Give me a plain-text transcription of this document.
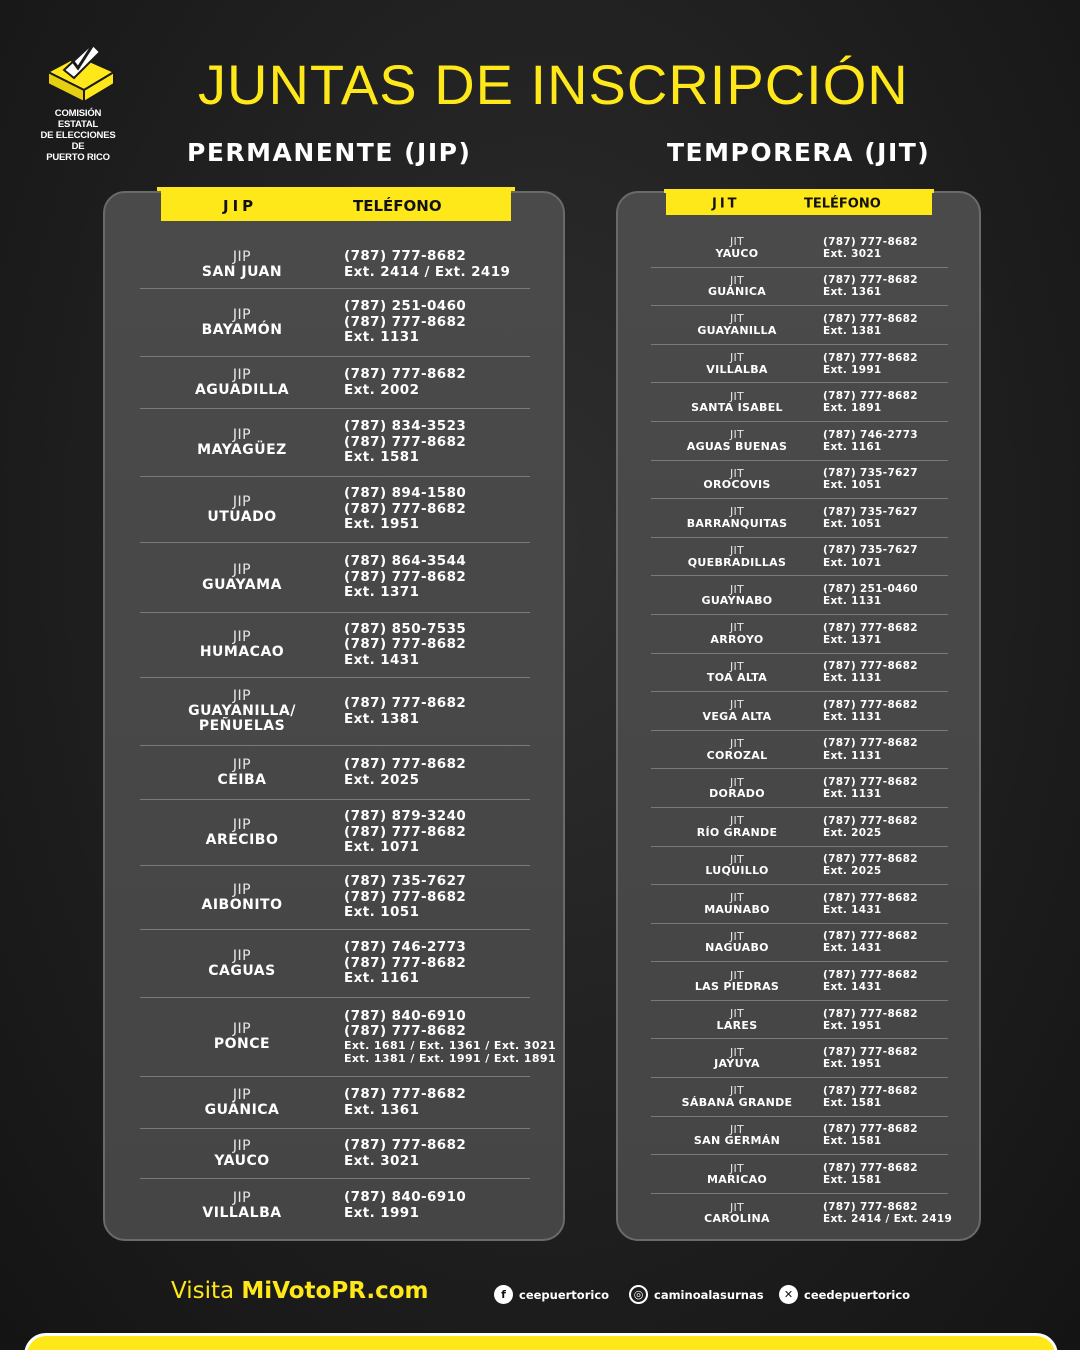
COMISIÓN ESTATAL
DE ELECCIONES DE
PUERTO RICO
JUNTAS DE INSCRIPCIÓN
PERMANENTE (JIP)	TEMPORERA (JIT)
JIP	TELÉFONO
JIP
SAN JUAN
(787) 777-8682
Ext. 2414 / Ext. 2419
JIP
BAYAMÓN
(787) 251-0460
(787) 777-8682
Ext. 1131
JIP
AGUADILLA
(787) 777-8682
Ext. 2002
JIP
MAYAGÜEZ
(787) 834-3523
(787) 777-8682
Ext. 1581
JIP
UTUADO
(787) 894-1580
(787) 777-8682
Ext. 1951
JIP
GUAYAMA
(787) 864-3544
(787) 777-8682
Ext. 1371
JIP
HUMACAO
(787) 850-7535
(787) 777-8682
Ext. 1431
JIP
GUAYANILLA/
PEÑUELAS
(787) 777-8682
Ext. 1381
JIP
CEIBA
(787) 777-8682
Ext. 2025
JIP
ARECIBO
(787) 879-3240
(787) 777-8682
Ext. 1071
JIP
AIBONITO
(787) 735-7627
(787) 777-8682
Ext. 1051
JIP
CAGUAS
(787) 746-2773
(787) 777-8682
Ext. 1161
JIP
PONCE
(787) 840-6910
(787) 777-8682
Ext. 1681 / Ext. 1361 / Ext. 3021
Ext. 1381 / Ext. 1991 / Ext. 1891
JIP
GUÁNICA
(787) 777-8682
Ext. 1361
JIP
YAUCO
(787) 777-8682
Ext. 3021
JIP
VILLALBA
(787) 840-6910
Ext. 1991
JIT	TELÉFONO
JIT
YAUCO
(787) 777-8682
Ext. 3021
JIT
GUÁNICA
(787) 777-8682
Ext. 1361
JIT
GUAYANILLA
(787) 777-8682
Ext. 1381
JIT
VILLALBA
(787) 777-8682
Ext. 1991
JIT
SANTA ISABEL
(787) 777-8682
Ext. 1891
JIT
AGUAS BUENAS
(787) 746-2773
Ext. 1161
JIT
OROCOVIS
(787) 735-7627
Ext. 1051
JIT
BARRANQUITAS
(787) 735-7627
Ext. 1051
JIT
QUEBRADILLAS
(787) 735-7627
Ext. 1071
JIT
GUAYNABO
(787) 251-0460
Ext. 1131
JIT
ARROYO
(787) 777-8682
Ext. 1371
JIT
TOA ALTA
(787) 777-8682
Ext. 1131
JIT
VEGA ALTA
(787) 777-8682
Ext. 1131
JIT
COROZAL
(787) 777-8682
Ext. 1131
JIT
DORADO
(787) 777-8682
Ext. 1131
JIT
RÍO GRANDE
(787) 777-8682
Ext. 2025
JIT
LUQUILLO
(787) 777-8682
Ext. 2025
JIT
MAUNABO
(787) 777-8682
Ext. 1431
JIT
NAGUABO
(787) 777-8682
Ext. 1431
JIT
LAS PIEDRAS
(787) 777-8682
Ext. 1431
JIT
LARES
(787) 777-8682
Ext. 1951
JIT
JAYUYA
(787) 777-8682
Ext. 1951
JIT
SÁBANA GRANDE
(787) 777-8682
Ext. 1581
JIT
SAN GERMÁN
(787) 777-8682
Ext. 1581
JIT
MARICAO
(787) 777-8682
Ext. 1581
JIT
CAROLINA
(787) 777-8682
Ext. 2414 / Ext. 2419
Visita MiVotoPR.com	f	ceepuertorico	◎ caminoalasurnas	✕ ceedepuertorico
